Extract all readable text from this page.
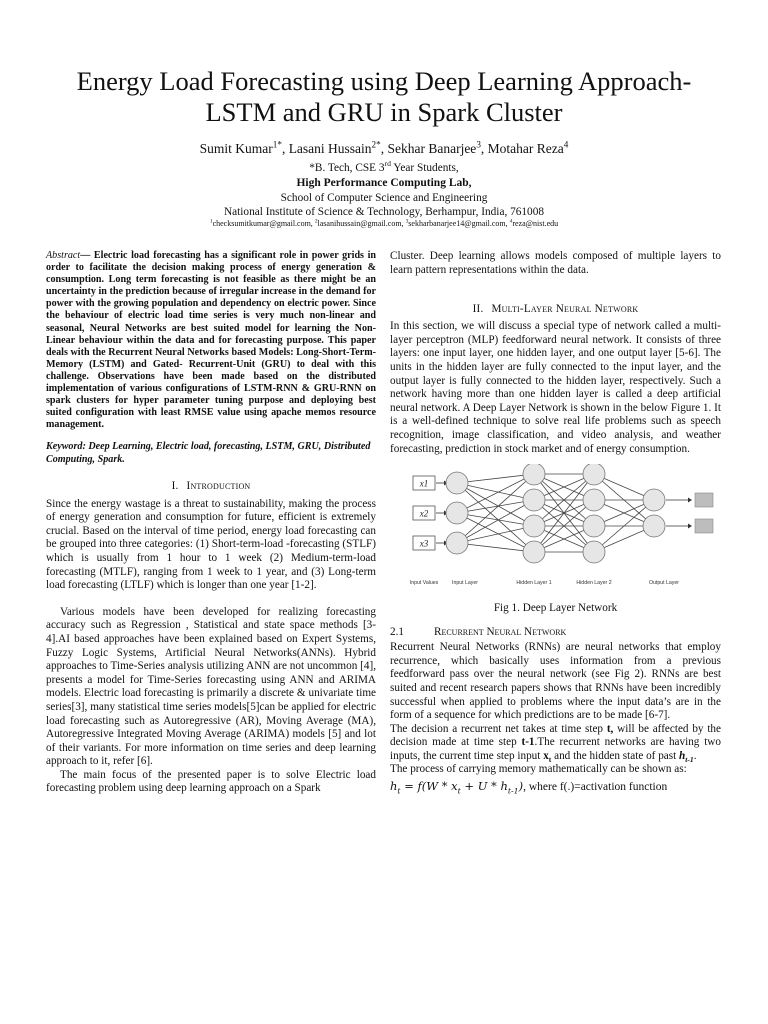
Energy Load Forecasting using Deep Learning Approach-
LSTM and GRU in Spark Cluster
Sumit Kumar$^{1*}$, Lasani Hussain$^{2*}$, Sekhar Banarjee$^3$, Motahar Reza$^4$
*B. Tech, CSE 3rd Year Students,
High Performance Computing Lab,
School of Computer Science and Engineering
National Institute of Science & Technology, Berhampur, India, 761008
$^1$checksumitkumar@gmail.com, $^2$lasanihussain@gmail.com, $^3$sekharbanarjee14@gmail.com, $^4$reza@nist.edu
Abstract— Electric load forecasting has a significant role in power grids in order to facilitate the decision making process of energy generation & consumption. Long term forecasting is not feasible as there might be an uncertainty in the prediction because of irregular increase in the demand for power with the growing population and dependency on electric power. Since the behaviour of electric load time series is very much non-linear and seasonal, Neural Networks are best suited model for learning the Non-Linear behaviour within the data and for forecasting purpose. This paper deals with the Recurrent Neural Networks based Models: Long-Short-Term-Memory (LSTM) and Gated- Recurrent-Unit (GRU) to deal with this challenge. Observations have been made based on the distributed implementation of various configurations of LSTM-RNN & GRU-RNN on spark clusters for hyper parameter tuning purpose and deploying best suited configuration with least RMSE value using apache memos resource management.
Keyword: Deep Learning, Electric load, forecasting, LSTM, GRU, Distributed Computing, Spark.
I. Introduction

Since the energy wastage is a threat to sustainability, making the process of energy generation and consumption for future, efficient is extremely crucial. Based on the interval of time period, energy load forecasting can be grouped into three categories: (1) Short-term-load -forecasting (STLF) which is usually from 1 hour to 1 week (2) Medium-term-load forecasting (MTLF), ranging from 1 week to 1 year, and (3) Long-term load forecasting (LTLF) which is longer than one year [1-2].

Various models have been developed for realizing forecasting accuracy such as Regression , Statistical and state space methods [3-4].AI based approaches have been explained based on Expert Systems, Fuzzy Logic Systems, Artificial Neural Networks(ANNs). Hybrid approaches to Time-Series analysis utilizing ANN are not uncommon [4], presents a model for Time-Series forecasting using ANN and ARIMA models. Electric load forecasting is primarily a discrete & univariate time series[3], many statistical time series models[5]can be applied for electric load forecasting such as Autoregressive (AR), Moving Average (MA), Autoregressive Integrated Moving Average (ARIMA) models [5] and lot of their variants. For more information on time series and deep learning approach to it, refer [6].

The main focus of the presented paper is to solve Electric load forecasting problem using deep learning approach on a Spark

Cluster. Deep learning allows models composed of multiple layers to learn pattern representations within the data.

II. Multi-Layer Neural Network

In this section, we will discuss a special type of network called a multi-layer perceptron (MLP) feedforward neural network. It consists of three layers: one input layer, one hidden layer, and one output layer [5-6]. The units in the hidden layer are fully connected to the input layer, and the output layer is fully connected to the hidden layer, respectively. Such a network having more than one hidden layer is called a deep artificial neural network. A Deep Layer Network is shown in the below Figure 1. It is a well-defined technique to solve real life problems such as speech recognition, image classification, and video analysis, and weather forecasting, prediction in stock market and of energy consumption.

x1
x2
x3
Input Values	Input Layer	Hidden Layer 1	Hidden Layer 2	Output Layer
Fig 1. Deep Layer Network
2.1	Recurrent Neural Network

Recurrent Neural Networks (RNNs) are neural networks that employ recurrence, which basically uses information from a previous feedforward pass over the neural network (see Fig 2). RNNs are best suited and recent research papers shows that RNNs have been incredibly successful when applied to problems where the input data’s are in the form of a sequence for which predictions are to be made [6-7].

The decision a recurrent net takes at time step t, will be affected by the decision made at time step t-1.The recurrent networks are having two inputs, the current time step input $x_t$ and the hidden state of past $h_{t-1}$.

The process of carrying memory mathematically can be shown as:

$h_t = f(W * x_t + U * h_{t-1})$, where f(.)=activation function
